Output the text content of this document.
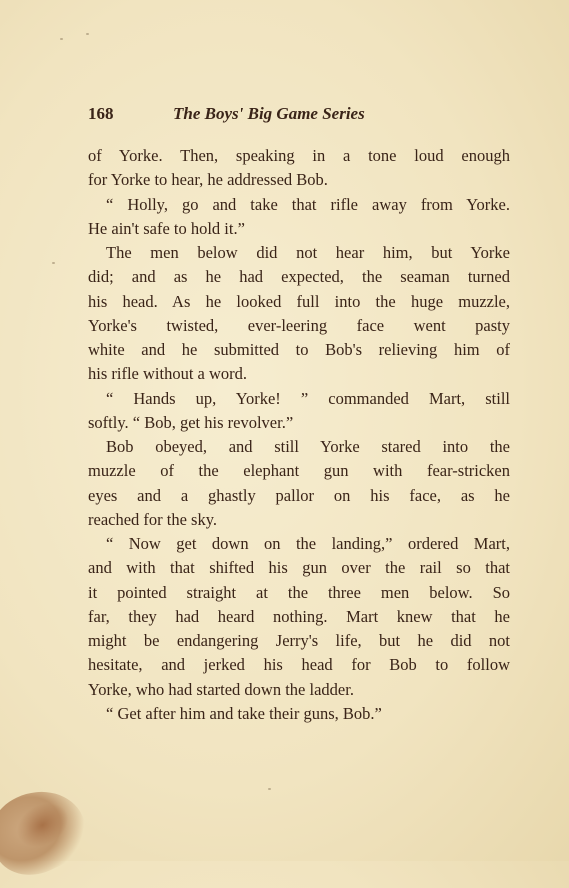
168	The Boys' Big Game Series
of Yorke. Then, speaking in a tone loud enough
for Yorke to hear, he addressed Bob.
“ Holly, go and take that rifle away from Yorke.
He ain't safe to hold it.”
The men below did not hear him, but Yorke
did; and as he had expected, the seaman turned
his head. As he looked full into the huge muzzle,
Yorke's twisted, ever-leering face went pasty
white and he submitted to Bob's relieving him of
his rifle without a word.
“ Hands up, Yorke! ” commanded Mart, still
softly. “ Bob, get his revolver.”
Bob obeyed, and still Yorke stared into the
muzzle of the elephant gun with fear-stricken
eyes and a ghastly pallor on his face, as he
reached for the sky.
“ Now get down on the landing,” ordered Mart,
and with that shifted his gun over the rail so that
it pointed straight at the three men below. So
far, they had heard nothing. Mart knew that he
might be endangering Jerry's life, but he did not
hesitate, and jerked his head for Bob to follow
Yorke, who had started down the ladder.
“ Get after him and take their guns, Bob.”
